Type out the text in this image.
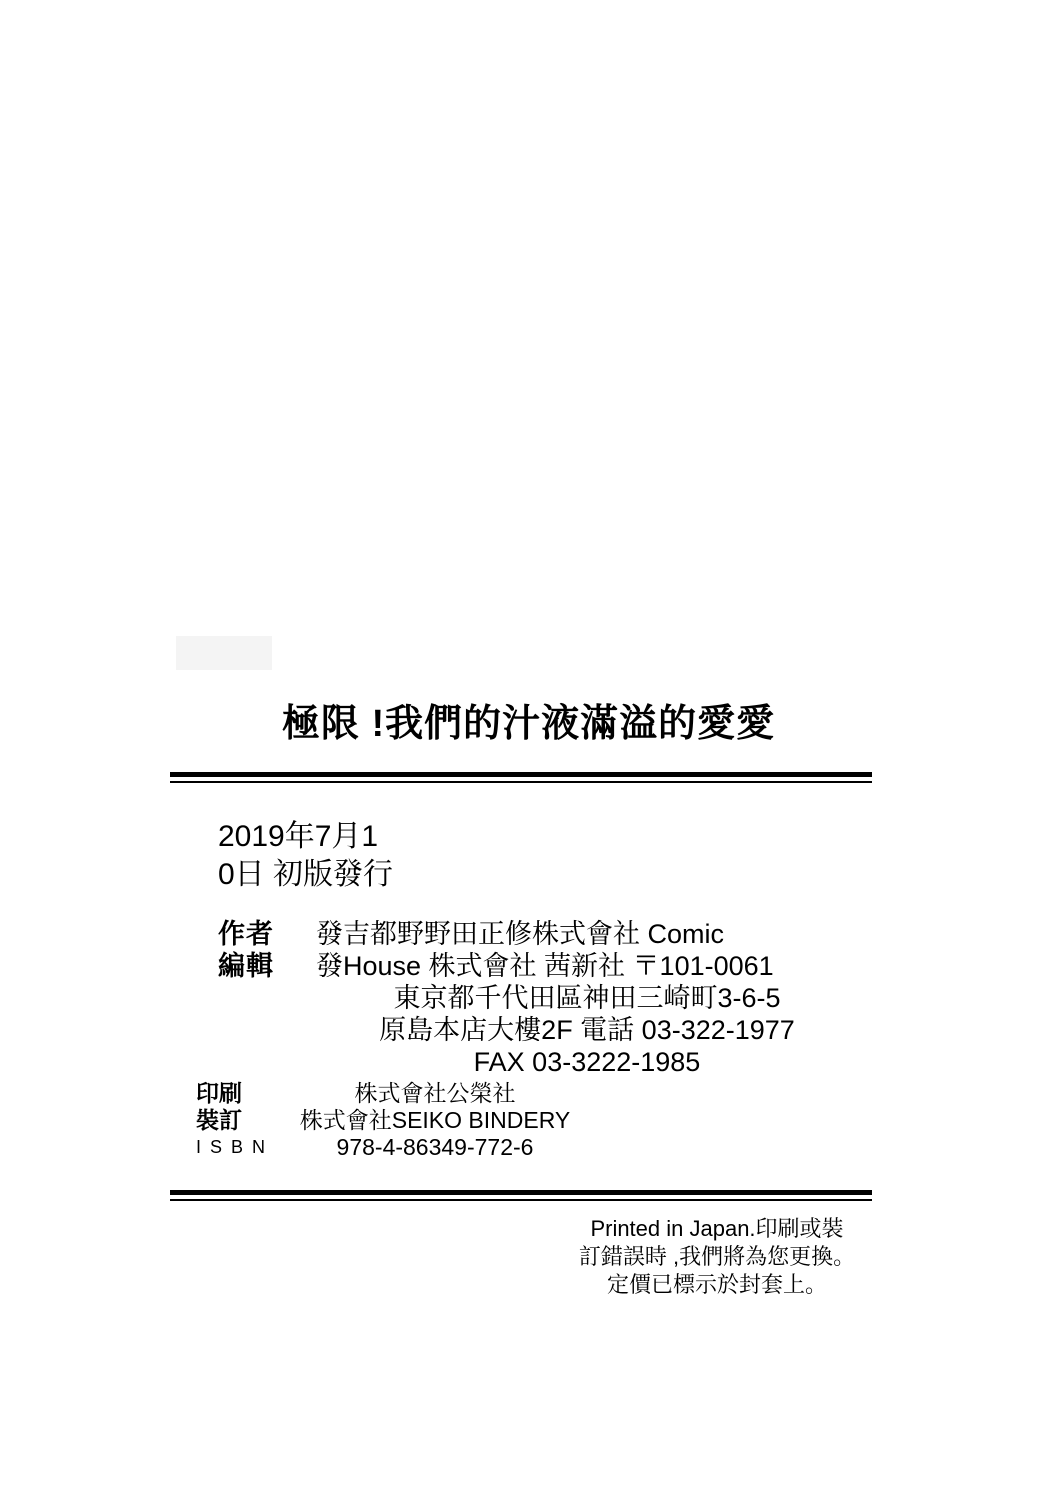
極限 !我們的汁液滿溢的愛愛
2019年7月1
0日 初版發行
作者	發吉都野野田正修株式會社 Comic
編輯	發House 株式會社 茜新社 〒101-0061
東京都千代田區神田三崎町3-6-5
原島本店大樓2F 電話 03-322-1977
FAX 03-3222-1985
印刷
裝訂
I S B N
株式會社公榮社
株式會社SEIKO BINDERY
978-4-86349-772-6
Printed in Japan.印刷或裝
訂錯誤時 ,我們將為您更換。
定價已標示於封套上。
